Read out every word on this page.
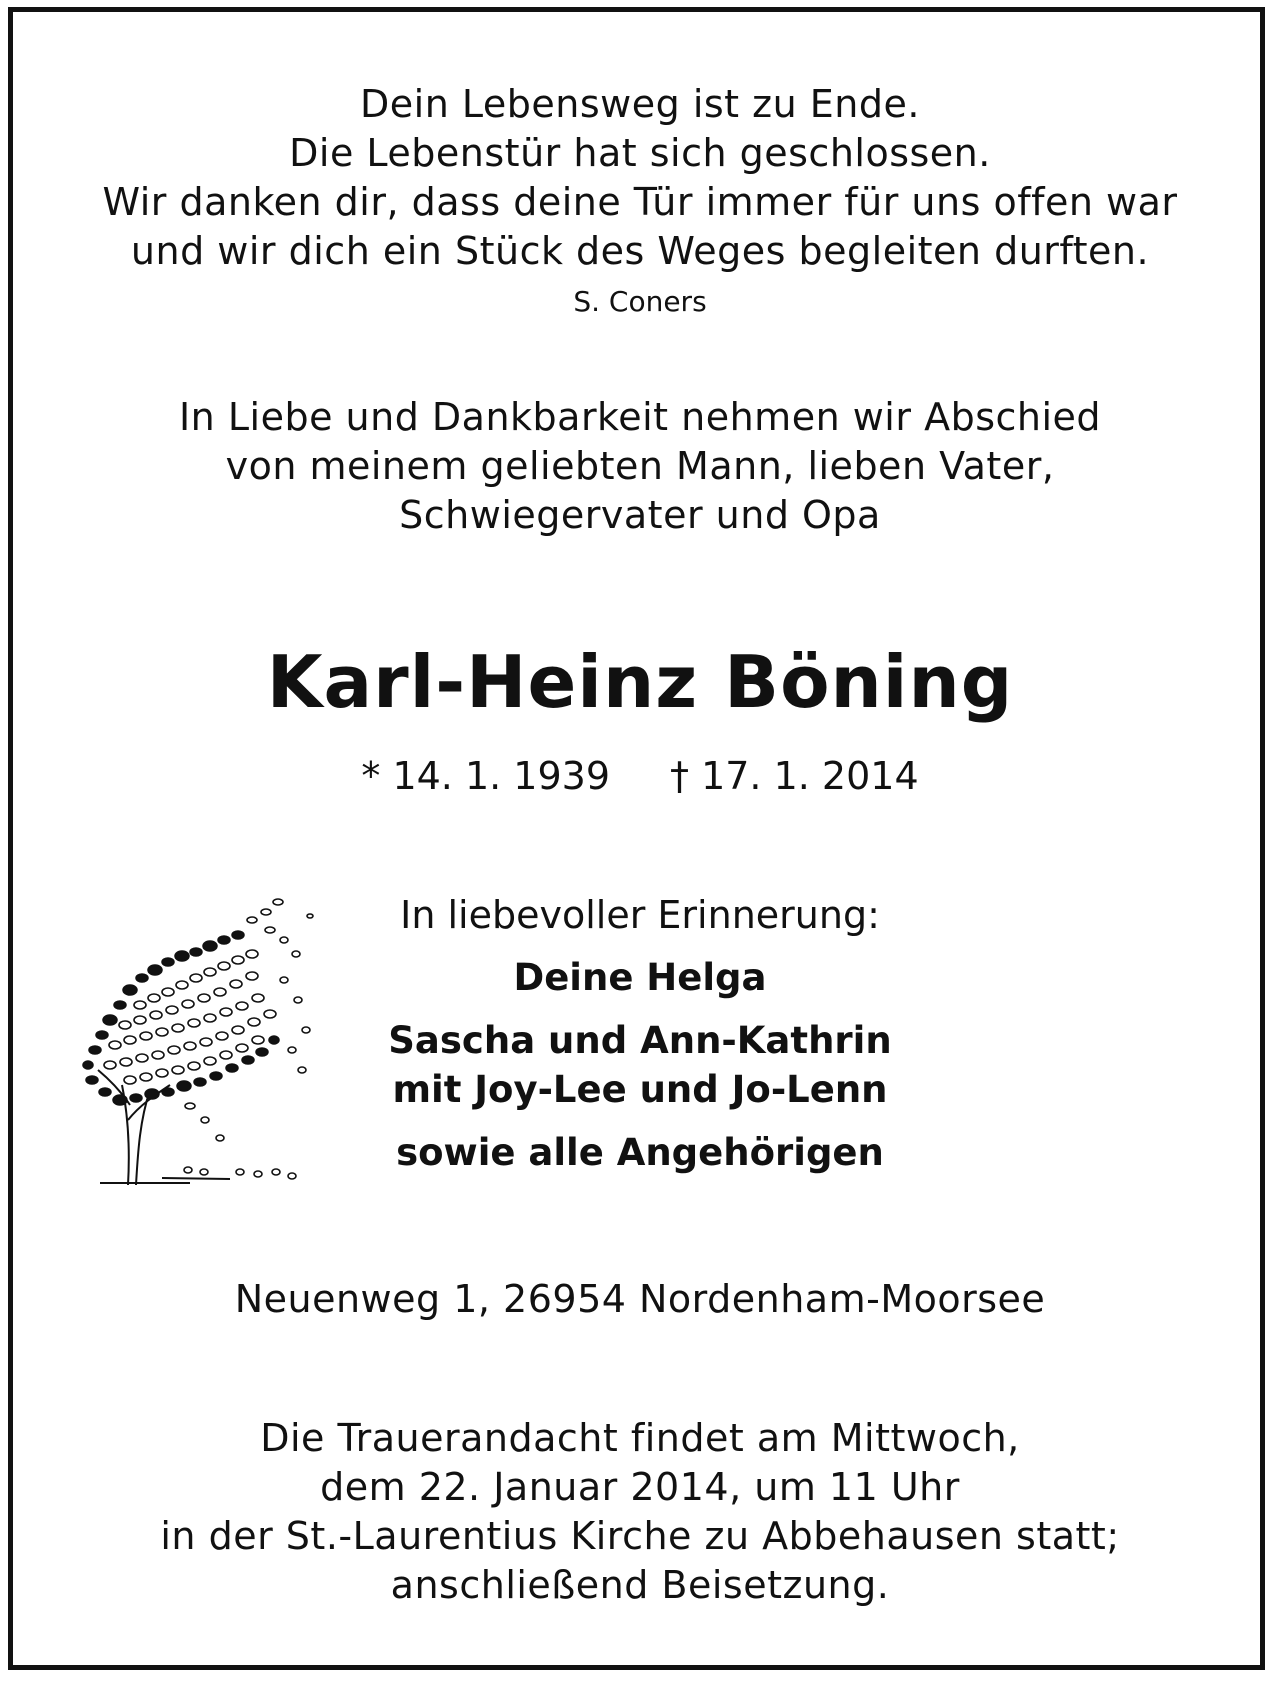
Dein Lebensweg ist zu Ende.
Die Lebenstür hat sich geschlossen.
Wir danken dir, dass deine Tür immer für uns offen war
und wir dich ein Stück des Weges begleiten durften.

S. Coners

In Liebe und Dankbarkeit nehmen wir Abschied
von meinem geliebten Mann, lieben Vater,
Schwiegervater und Opa

Karl-Heinz Böning

* 14. 1. 1939 † 17. 1. 2014

In liebevoller Erinnerung:

Deine Helga
Sascha und Ann-Kathrin
mit Joy-Lee und Jo-Lenn
sowie alle Angehörigen

Neuenweg 1, 26954 Nordenham-Moorsee

Die Trauerandacht findet am Mittwoch,
dem 22. Januar 2014, um 11 Uhr
in der St.-Laurentius Kirche zu Abbehausen statt;
anschließend Beisetzung.
